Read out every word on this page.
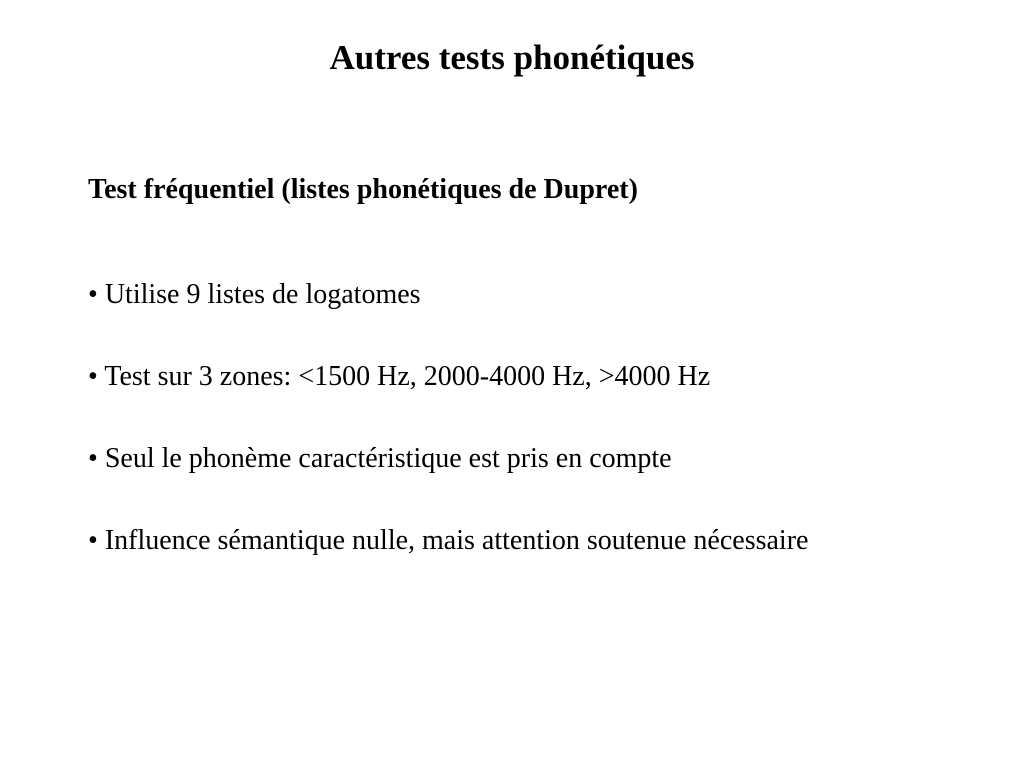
Autres tests phonétiques
Test fréquentiel (listes phonétiques de Dupret)
• Utilise 9 listes de logatomes
• Test sur 3 zones: <1500 Hz, 2000-4000 Hz, >4000 Hz
• Seul le phonème caractéristique est pris en compte
• Influence sémantique nulle, mais attention soutenue nécessaire
